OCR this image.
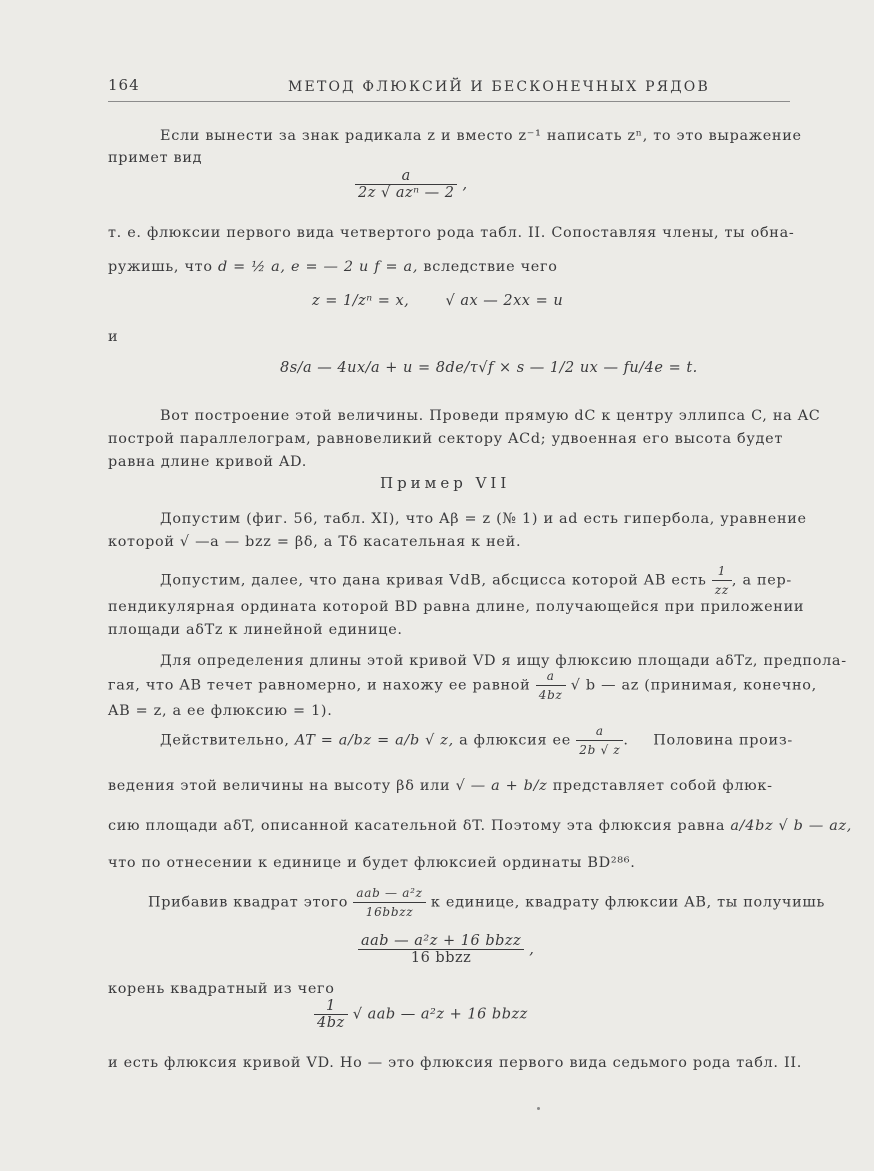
164	МЕТОД ФЛЮКСИЙ И БЕСКОНЕЧНЫХ РЯДОВ
Если вынести за знак радикала z и вместо z⁻¹ написать zⁿ, то это выражение
примет вид
$\frac{a}{\text{2z √ azⁿ — 2}}$ ,
т. е. флюксии первого вида четвертого рода табл. II. Сопоставляя члены, ты обна-
ружишь, что d = ½ a, e = — 2 и f = a, вследствие чего
z = 1/zⁿ = x, √ ax — 2xx = u
и
8s/a — 4ux/a + u = 8de/τ√f × s — 1/2 ux — fu/4e = t.
Вот построение этой величины. Проведи прямую dC к центру эллипса C, на AC
построй параллелограм, равновеликий сектору ACd; удвоенная его высота будет
равна длине кривой AD.
Пример VII
Допустим (фиг. 56, табл. XI), что Aβ = z (№ 1) и ad есть гипербола, уравнение
которой √ —a — bzz = βδ, а Tδ касательная к ней.
Допустим, далее, что дана кривая VdB, абсцисса которой AB есть $\frac{1}{zz}$ , а пер-
пендикулярная ордината которой BD равна длине, получающейся при приложении
площади aδTz к линейной единице.
Для определения длины этой кривой VD я ищу флюксию площади aδTz, предпола-
гая, что AB течет равномерно, и нахожу ее равной $\frac{a}{4bz}$ √ b — az (принимая, конечно,
AB = z, а ее флюксию = 1).
Действительно, AT = a/bz = a/b √ z, а флюксия ее $\frac{a}{2b √ z}$ .  Половина произ-
ведения этой величины на высоту βδ или √ — a + b/z представляет собой флюк-
сию площади aδT, описанной касательной δT. Поэтому эта флюксия равна a/4bz √ b — az,
что по отнесении к единице и будет флюксией ординаты BD²⁸⁶.
Прибавив квадрат этого $\frac{\text{aab — a²z}}{\text{16bbzz}}$ к единице, квадрату флюксии AB, ты получишь
$\frac{\text{aab — a²z + 16 bbzz}}{\text{16 bbzz}}$ ,
корень квадратный из чего
$\frac{1}{4bz}$ √ aab — a²z + 16 bbzz
и есть флюксия кривой VD. Но — это флюксия первого вида седьмого рода табл. II.
